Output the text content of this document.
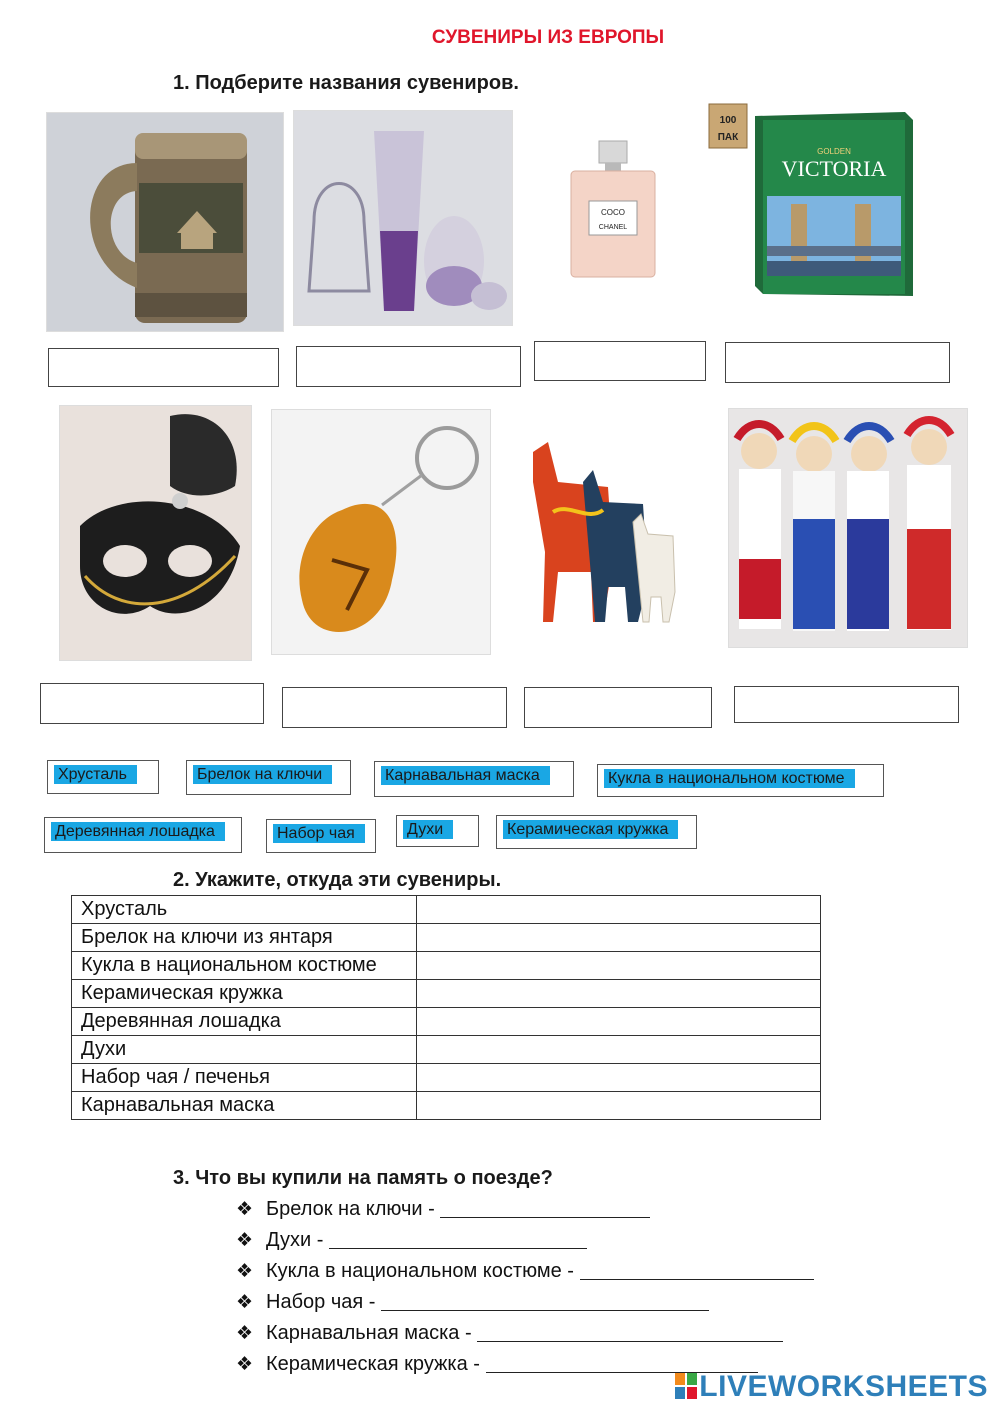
СУВЕНИРЫ ИЗ ЕВРОПЫ
1. Подберите названия сувениров.
COCO
CHANEL
100
ПАК
GOLDEN
VICTORIA
Хрусталь	Брелок на ключи	Карнавальная маска	Кукла в национальном костюме
Деревянная лошадка	Набор чая	Духи	Керамическая кружка
2. Укажите, откуда эти сувениры.
Хрусталь	
Брелок на ключи из янтаря	
Кукла в национальном костюме	
Керамическая кружка	
Деревянная лошадка	
Духи	
Набор чая / печенья	
Карнавальная маска	
3. Что вы купили на память о поезде?
❖ Брелок на ключи -
❖ Духи -
❖ Кукла в национальном костюме -
❖ Набор чая -
❖ Карнавальная маска -
❖ Керамическая кружка -
LIVEWORKSHEETS
